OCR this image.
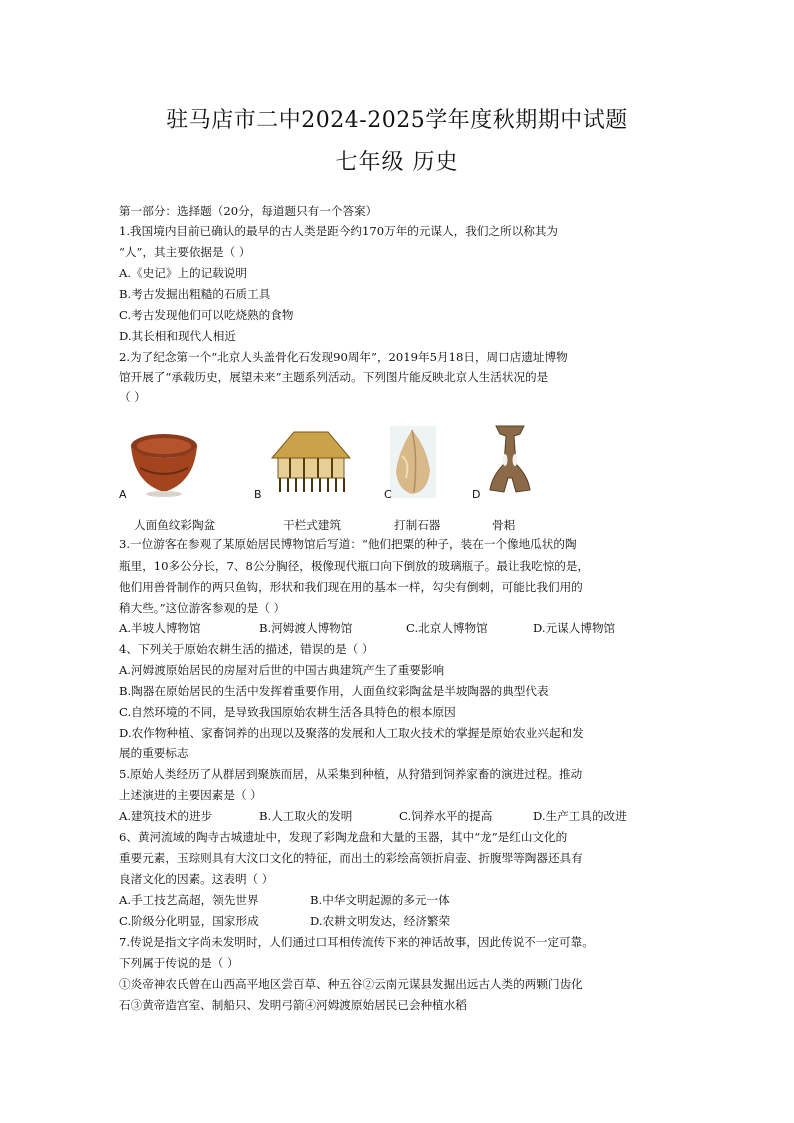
驻马店市二中2024-2025学年度秋期期中试题
七年级 历史
第一部分：选择题（20分，每道题只有一个答案）
1.我国境内目前已确认的最早的古人类是距今约170万年的元谋人，我们之所以称其为
“人”，其主要依据是（ ）
A.《史记》上的记载说明
B.考古发掘出粗糙的石质工具
C.考古发现他们可以吃烧熟的食物
D.其长相和现代人相近
2.为了纪念第一个“北京人头盖骨化石发现90周年”，2019年5月18日，周口店遗址博物
馆开展了“承载历史，展望未来”主题系列活动。下列图片能反映北京人生活状况的是
（ ）
A	B	C	D
人面鱼纹彩陶盆	干栏式建筑	打制石器	骨耜
3.一位游客在参观了某原始居民博物馆后写道：“他们把粟的种子，装在一个像地瓜状的陶
瓶里，10多公分长，7、8公分胸径，极像现代瓶口向下倒放的玻璃瓶子。最让我吃惊的是，
他们用兽骨制作的两只鱼钩，形状和我们现在用的基本一样，勾尖有倒刺，可能比我们用的
稍大些。”这位游客参观的是（ ）
A.半坡人博物馆	B.河姆渡人博物馆	C.北京人博物馆	D.元谋人博物馆
4、下列关于原始农耕生活的描述，错误的是（ ）
A.河姆渡原始居民的房屋对后世的中国古典建筑产生了重要影响
B.陶器在原始居民的生活中发挥着重要作用，人面鱼纹彩陶盆是半坡陶器的典型代表
C.自然环境的不同，是导致我国原始农耕生活各具特色的根本原因
D.农作物种植、家畜饲养的出现以及聚落的发展和人工取火技术的掌握是原始农业兴起和发
展的重要标志
5.原始人类经历了从群居到聚族而居，从采集到种植，从狩猎到饲养家畜的演进过程。推动
上述演进的主要因素是（ ）
A.建筑技术的进步	B.人工取火的发明	C.饲养水平的提高	D.生产工具的改进
6、黄河流域的陶寺古城遗址中，发现了彩陶龙盘和大量的玉器，其中“龙”是红山文化的
重要元素，玉琮则具有大汶口文化的特征，而出土的彩绘高领折肩壶、折腹斝等陶器还具有
良渚文化的因素。这表明（ ）
A.手工技艺高超，领先世界	B.中华文明起源的多元一体
C.阶级分化明显，国家形成	D.农耕文明发达，经济繁荣
7.传说是指文字尚未发明时，人们通过口耳相传流传下来的神话故事，因此传说不一定可靠。
下列属于传说的是（ ）
①炎帝神农氏曾在山西高平地区尝百草、种五谷②云南元谋县发掘出远古人类的两颗门齿化
石③黄帝造宫室、制船只、发明弓箭④河姆渡原始居民已会种植水稻
